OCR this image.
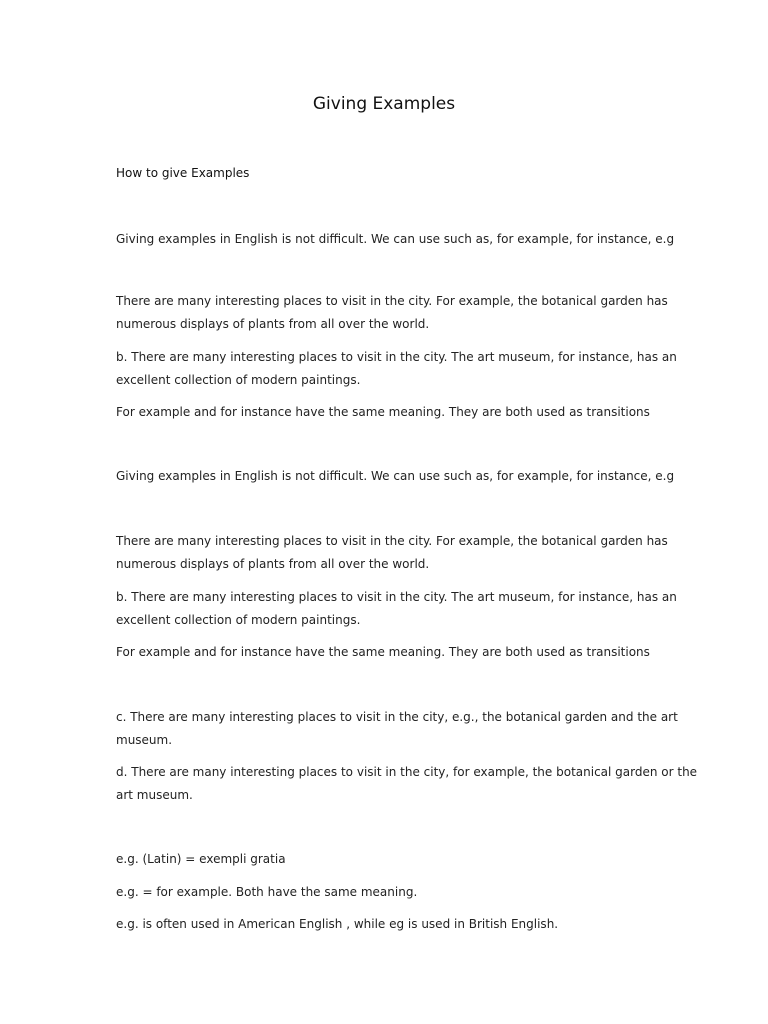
Giving Examples
How to give Examples

Giving examples in English is not difficult. We can use such as, for example, for instance, e.g

There are many interesting places to visit in the city. For example, the botanical garden has
numerous displays of plants from all over the world.

b. There are many interesting places to visit in the city. The art museum, for instance, has an
excellent collection of modern paintings.

For example and for instance have the same meaning. They are both used as transitions

Giving examples in English is not difficult. We can use such as, for example, for instance, e.g

There are many interesting places to visit in the city. For example, the botanical garden has
numerous displays of plants from all over the world.

b. There are many interesting places to visit in the city. The art museum, for instance, has an
excellent collection of modern paintings.

For example and for instance have the same meaning. They are both used as transitions

c. There are many interesting places to visit in the city, e.g., the botanical garden and the art
museum.

d. There are many interesting places to visit in the city, for example, the botanical garden or the
art museum.

e.g. (Latin) = exempli gratia

e.g. = for example. Both have the same meaning.

e.g. is often used in American English , while eg is used in British English.
